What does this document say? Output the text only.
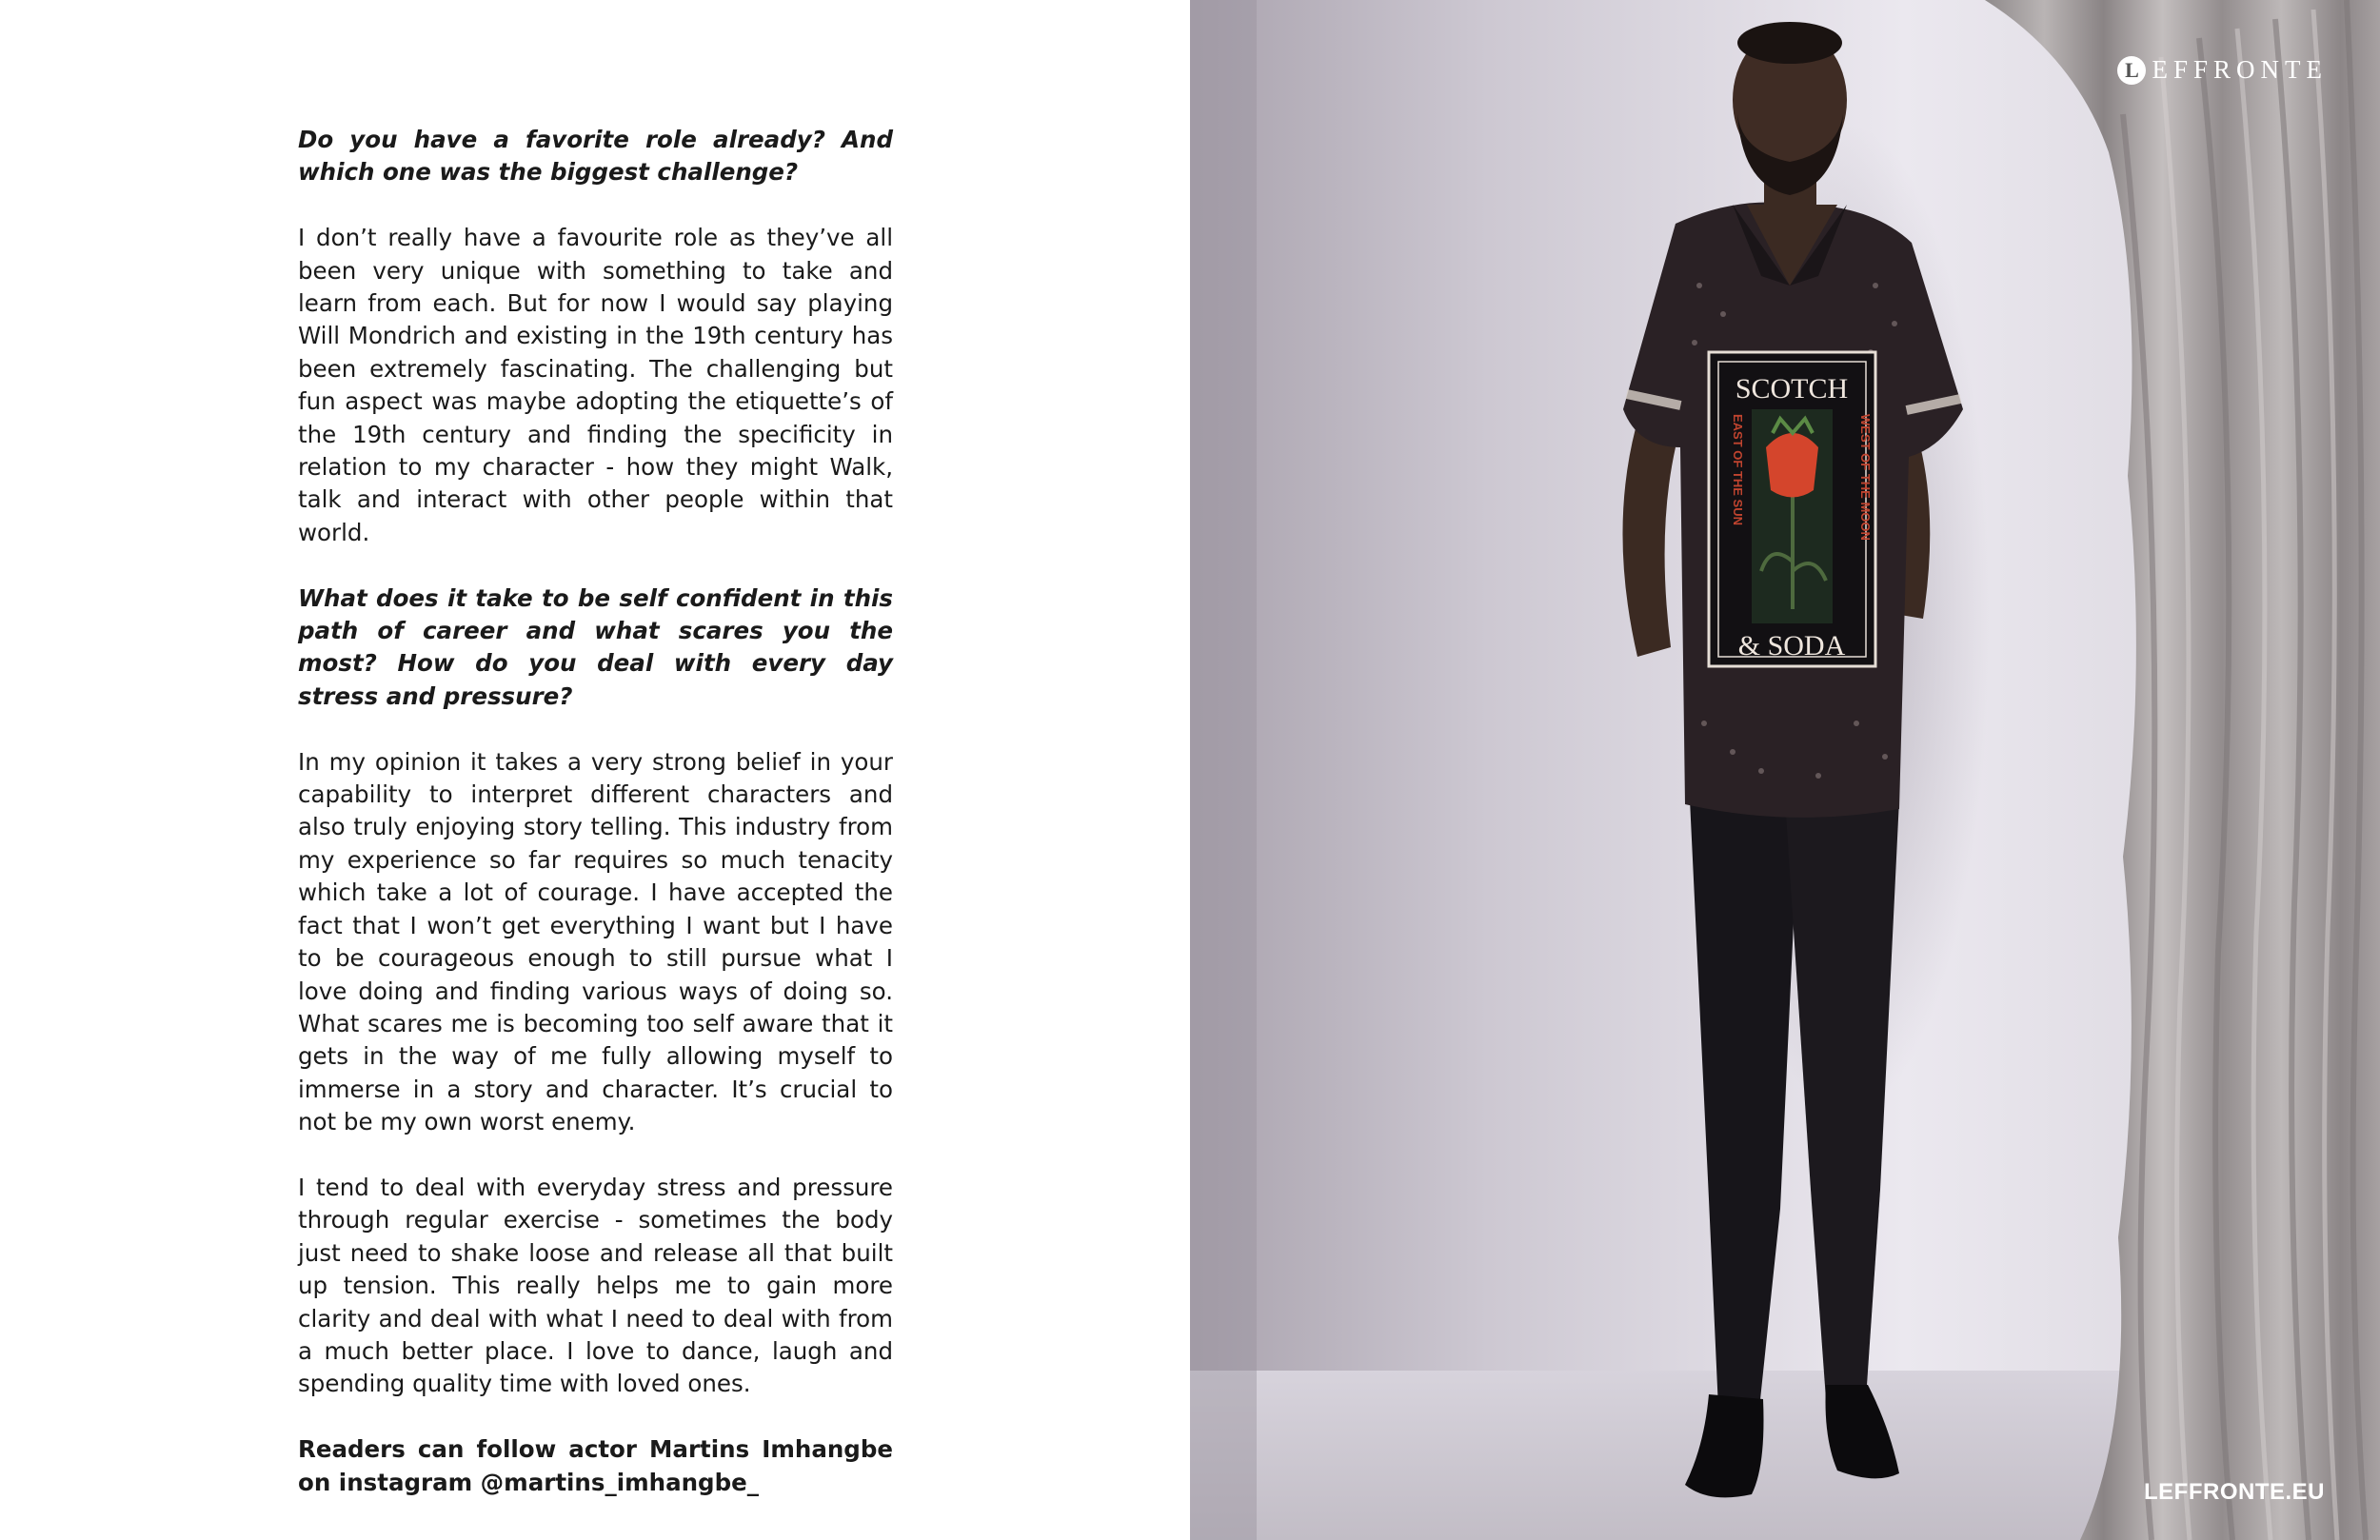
Do you have a favorite role already? And which one was the biggest challenge?

I don’t really have a favourite role as they’ve all been very unique with something to take and learn from each. But for now I would say playing Will Mondrich and existing in the 19th century has been extremely fascinating. The challenging but fun aspect was maybe adopting the etiquette’s of the 19th century and finding the specificity in relation to my character - how they might Walk, talk and interact with other people within that world.

What does it take to be self confident in this path of career and what scares you the most? How do you deal with every day stress and pressure?

In my opinion it takes a very strong belief in your capability to interpret different characters and also truly enjoying story telling. This industry from my experience so far requires so much tenacity which take a lot of courage. I have accepted the fact that I won’t get everything I want but I have to be courageous enough to still pursue what I love doing and finding various ways of doing so. What scares me is becoming too self aware that it gets in the way of me fully allowing myself to immerse in a story and character. It’s crucial to not be my own worst enemy.

I tend to deal with everyday stress and pressure through regular exercise - sometimes the body just need to shake loose and release all that built up tension. This really helps me to gain more clarity and deal with what I need to deal with from a much better place. I love to dance, laugh and spending quality time with loved ones.

Readers can follow actor Martins Imhangbe on instagram @martins_imhangbe_

SCOTCH
& SODA
EAST OF THE SUN	WEST OF THE MOON
L EFFRONTE
LEFFRONTE.EU
